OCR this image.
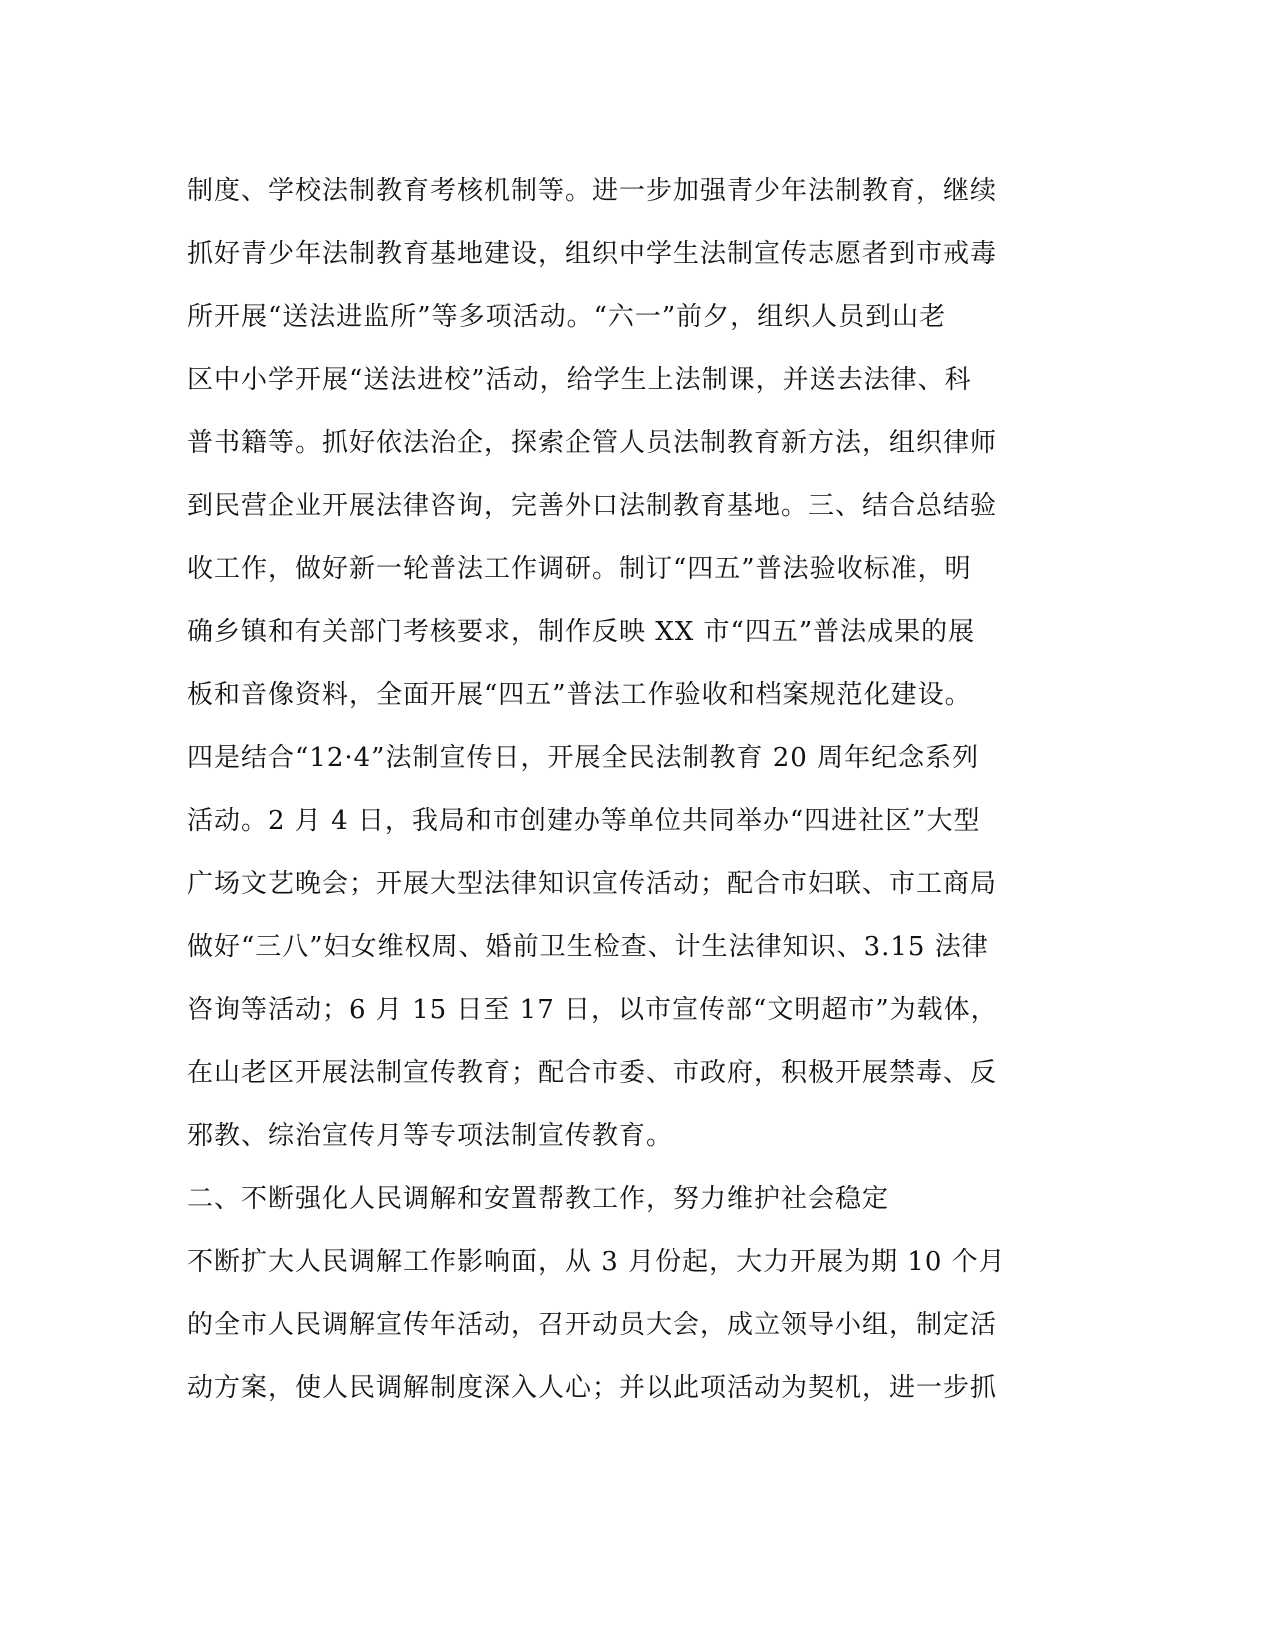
制度、学校法制教育考核机制等。进一步加强青少年法制教育，继续
抓好青少年法制教育基地建设，组织中学生法制宣传志愿者到市戒毒
所开展“送法进监所”等多项活动。“六一”前夕，组织人员到山老
区中小学开展“送法进校”活动，给学生上法制课，并送去法律、科
普书籍等。抓好依法治企，探索企管人员法制教育新方法，组织律师
到民营企业开展法律咨询，完善外口法制教育基地。三、结合总结验
收工作，做好新一轮普法工作调研。制订“四五”普法验收标准，明
确乡镇和有关部门考核要求，制作反映 XX 市“四五”普法成果的展
板和音像资料，全面开展“四五”普法工作验收和档案规范化建设。
四是结合“12·4”法制宣传日，开展全民法制教育 20 周年纪念系列
活动。2 月 4 日，我局和市创建办等单位共同举办“四进社区”大型
广场文艺晚会；开展大型法律知识宣传活动；配合市妇联、市工商局
做好“三八”妇女维权周、婚前卫生检查、计生法律知识、3.15 法律
咨询等活动；6 月 15 日至 17 日，以市宣传部“文明超市”为载体，
在山老区开展法制宣传教育；配合市委、市政府，积极开展禁毒、反
邪教、综治宣传月等专项法制宣传教育。
二、不断强化人民调解和安置帮教工作，努力维护社会稳定
不断扩大人民调解工作影响面，从 3 月份起，大力开展为期 10 个月
的全市人民调解宣传年活动，召开动员大会，成立领导小组，制定活
动方案，使人民调解制度深入人心；并以此项活动为契机，进一步抓
